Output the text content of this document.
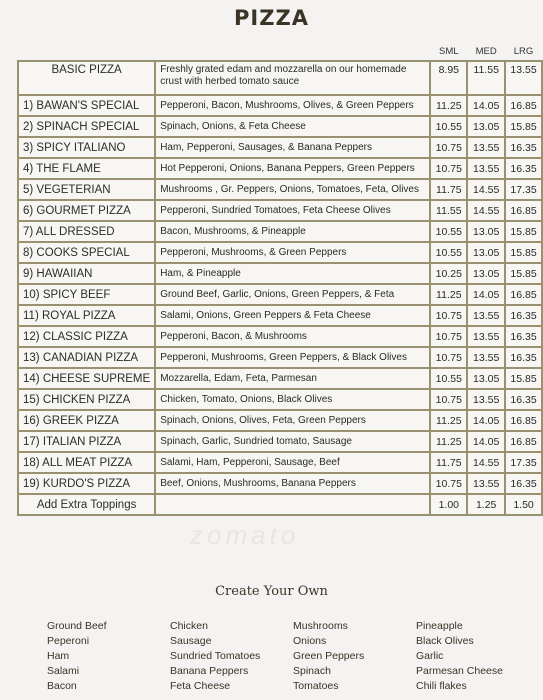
PIZZA
		SML	MED	LRG
BASIC PIZZA	Freshly grated edam and mozzarella on our homemade crust with herbed tomato sauce	8.95	11.55	13.55
1) BAWAN'S SPECIAL	Pepperoni, Bacon, Mushrooms, Olives, & Green Peppers	11.25	14.05	16.85
2) SPINACH SPECIAL	Spinach, Onions, & Feta Cheese	10.55	13.05	15.85
3) SPICY ITALIANO	Ham, Pepperoni, Sausages, & Banana Peppers	10.75	13.55	16.35
4) THE FLAME	Hot Pepperoni, Onions, Banana Peppers, Green Peppers	10.75	13.55	16.35
5) VEGETERIAN	Mushrooms , Gr. Peppers, Onions, Tomatoes, Feta, Olives	11.75	14.55	17.35
6) GOURMET PIZZA	Pepperoni, Sundried Tomatoes, Feta Cheese Olives	11.55	14.55	16.85
7) ALL DRESSED	Bacon, Mushrooms, & Pineapple	10.55	13.05	15.85
8) COOKS SPECIAL	Pepperoni, Mushrooms, & Green Peppers	10.55	13.05	15.85
9) HAWAIIAN	Ham, & Pineapple	10.25	13.05	15.85
10) SPICY BEEF	Ground Beef, Garlic, Onions, Green Peppers, & Feta	11.25	14.05	16.85
11) ROYAL PIZZA	Salami, Onions, Green Peppers & Feta Cheese	10.75	13.55	16.35
12) CLASSIC PIZZA	Pepperoni, Bacon, & Mushrooms	10.75	13.55	16.35
13) CANADIAN PIZZA	Pepperoni, Mushrooms, Green Peppers, & Black Olives	10.75	13.55	16.35
14) CHEESE SUPREME	Mozzarella, Edam, Feta, Parmesan	10.55	13.05	15.85
15) CHICKEN PIZZA	Chicken, Tomato, Onions, Black Olives	10.75	13.55	16.35
16) GREEK PIZZA	Spinach, Onions, Olives, Feta, Green Peppers	11.25	14.05	16.85
17) ITALIAN PIZZA	Spinach, Garlic, Sundried tomato, Sausage	11.25	14.05	16.85
18) ALL MEAT PIZZA	Salami, Ham, Pepperoni, Sausage, Beef	11.75	14.55	17.35
19) KURDO'S PIZZA	Beef, Onions, Mushrooms, Banana Peppers	10.75	13.55	16.35
Add Extra Toppings		1.00	1.25	1.50
zomato
Create Your Own
Ground Beef
Peperoni
Ham
Salami
Bacon
Chicken
Sausage
Sundried Tomatoes
Banana Peppers
Feta Cheese
Mushrooms
Onions
Green Peppers
Spinach
Tomatoes
Pineapple
Black Olives
Garlic
Parmesan Cheese
Chili flakes
